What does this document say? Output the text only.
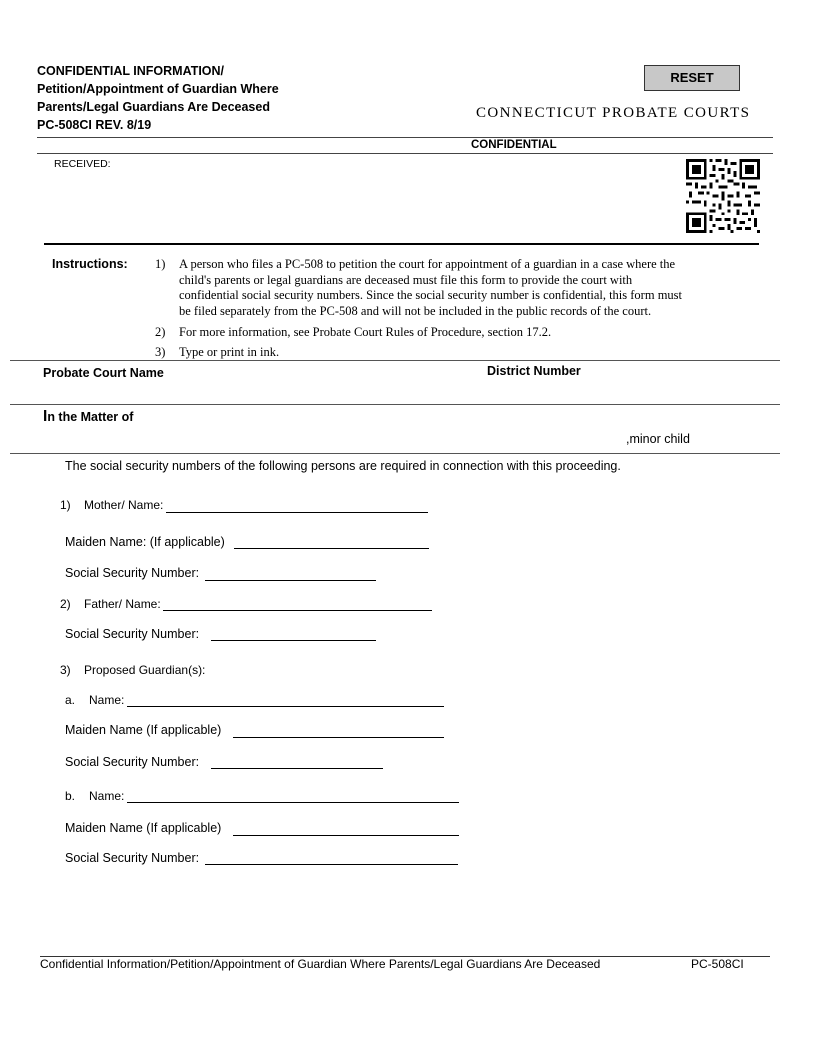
CONFIDENTIAL INFORMATION/
Petition/Appointment of Guardian Where
Parents/Legal Guardians Are Deceased
PC-508CI REV. 8/19
RESET
CONNECTICUT PROBATE COURTS
CONFIDENTIAL
RECEIVED:
Instructions: 1) A person who files a PC-508 to petition the court for appointment of a guardian in a case where the
child's parents or legal guardians are deceased must file this form to provide the court with
confidential social security numbers. Since the social security number is confidential, this form must
be filed separately from the PC-508 and will not be included in the public records of the court.
2) For more information, see Probate Court Rules of Procedure, section 17.2.
3) Type or print in ink.
Probate Court Name	District Number
In the Matter of
,minor child
The social security numbers of the following persons are required in connection with this proceeding.
1) Mother/ Name:
Maiden Name: (If applicable)
Social Security Number:
2) Father/ Name:
Social Security Number:
3) Proposed Guardian(s):
a. Name:
Maiden Name (If applicable)
Social Security Number:
b. Name:
Maiden Name (If applicable)
Social Security Number:
Confidential Information/Petition/Appointment of Guardian Where Parents/Legal Guardians Are Deceased	PC-508CI
